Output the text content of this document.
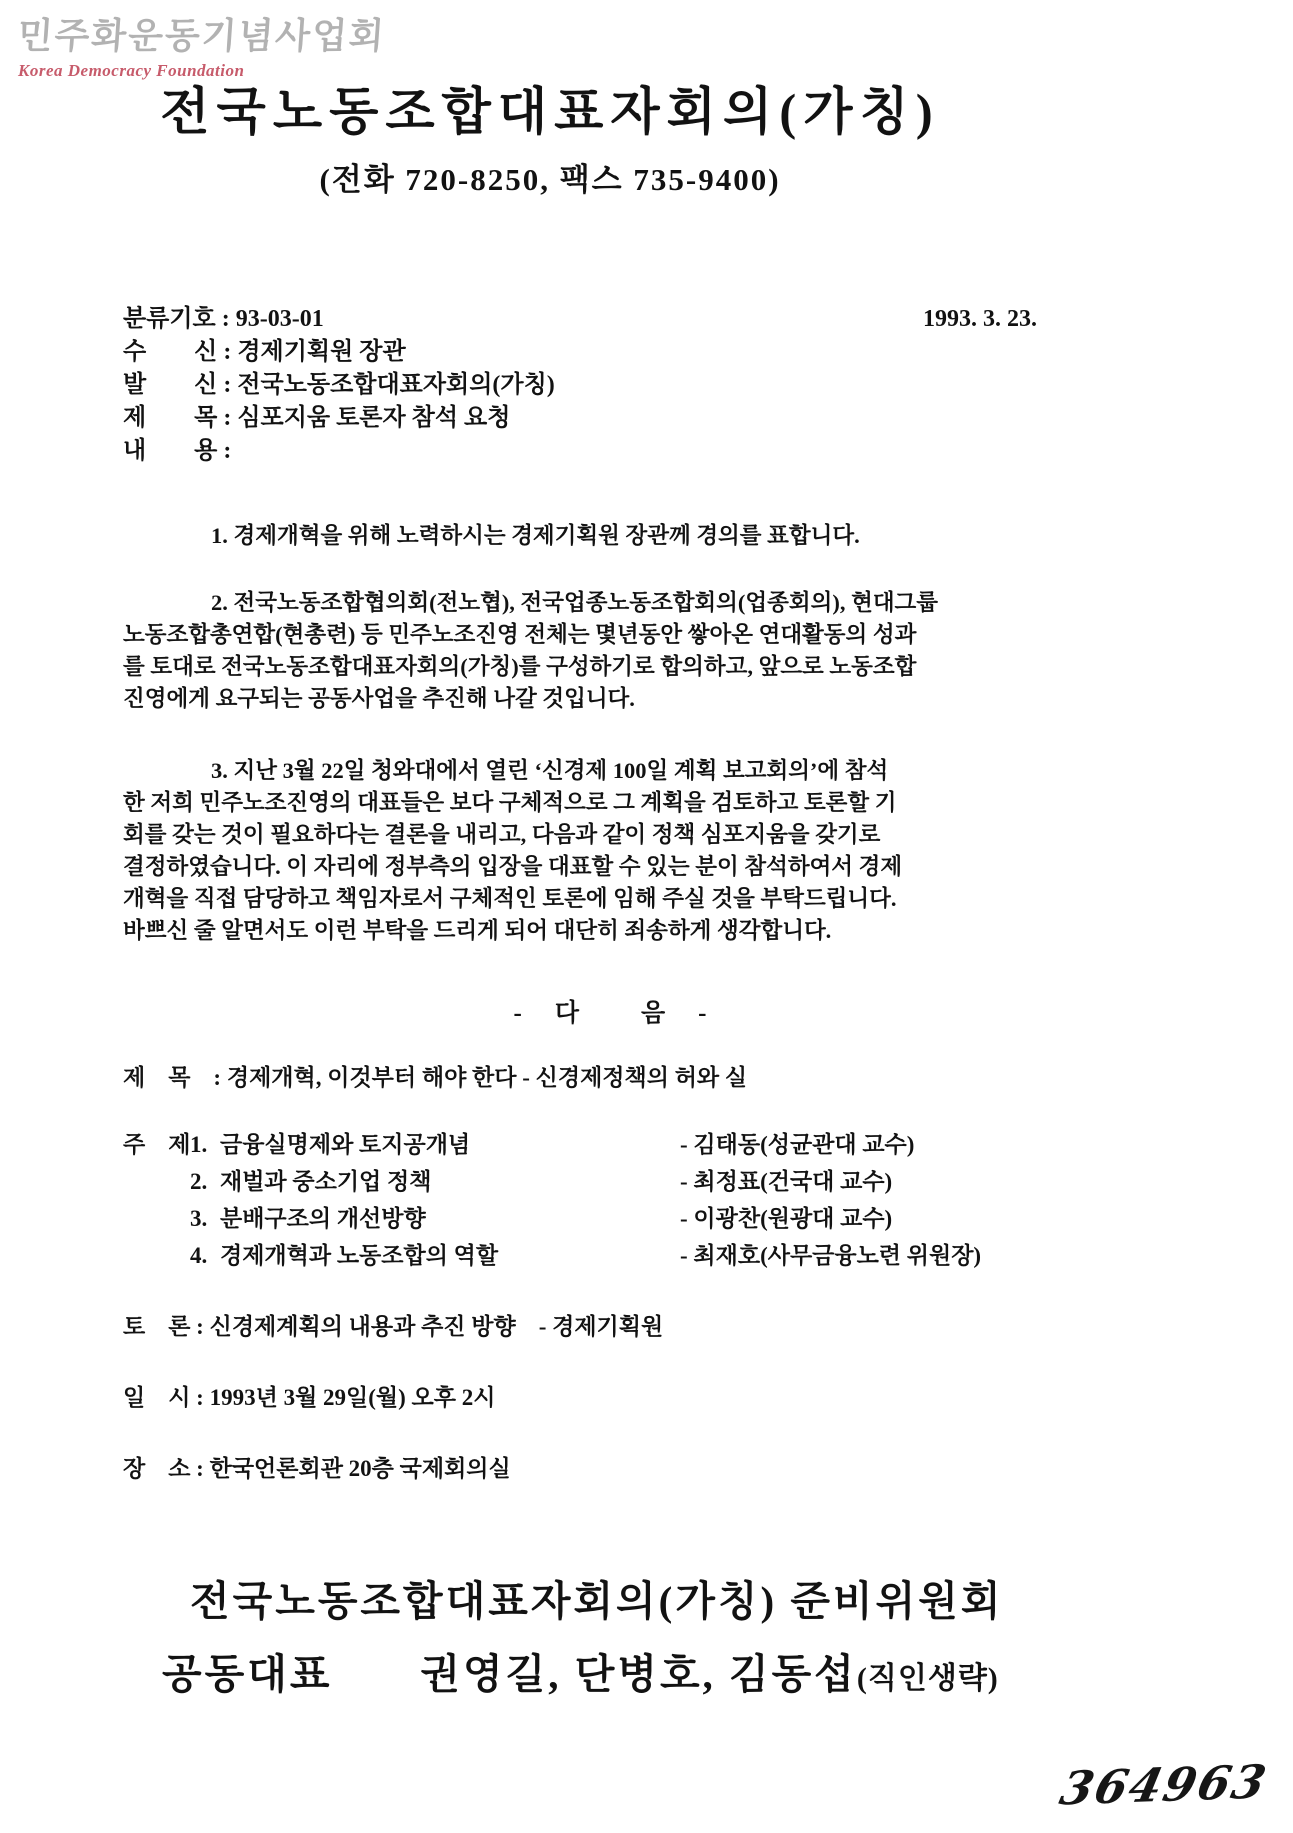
민주화운동기념사업회
Korea Democracy Foundation
전국노동조합대표자회의(가칭)
(전화 720-8250, 팩스 735-9400)
분류기호 : 93-03-01	1993. 3. 23.
수　　신 : 경제기획원 장관
발　　신 : 전국노동조합대표자회의(가칭)
제　　목 : 심포지움 토론자 참석 요청
내　　용 :
1. 경제개혁을 위해 노력하시는 경제기획원 장관께 경의를 표합니다.
2. 전국노동조합협의회(전노협), 전국업종노동조합회의(업종회의), 현대그룹
노동조합총연합(현총련) 등 민주노조진영 전체는 몇년동안 쌓아온 연대활동의 성과
를 토대로 전국노동조합대표자회의(가칭)를 구성하기로 합의하고, 앞으로 노동조합
진영에게 요구되는 공동사업을 추진해 나갈 것입니다.
3. 지난 3월 22일 청와대에서 열린 ‘신경제 100일 계획 보고회의’에 참석
한 저희 민주노조진영의 대표들은 보다 구체적으로 그 계획을 검토하고 토론할 기
회를 갖는 것이 필요하다는 결론을 내리고, 다음과 같이 정책 심포지움을 갖기로
결정하였습니다. 이 자리에 정부측의 입장을 대표할 수 있는 분이 참석하여서 경제
개혁을 직접 담당하고 책임자로서 구체적인 토론에 임해 주실 것을 부탁드립니다.
바쁘신 줄 알면서도 이런 부탁을 드리게 되어 대단히 죄송하게 생각합니다.
-　다　　음　-
제　목　: 경제개혁, 이것부터 해야 한다 - 신경제정책의 허와 실
주　제 1. 금융실명제와 토지공개념	- 김태동(성균관대 교수)
2. 재벌과 중소기업 정책	- 최정표(건국대 교수)
3. 분배구조의 개선방향	- 이광찬(원광대 교수)
4. 경제개혁과 노동조합의 역할	- 최재호(사무금융노련 위원장)
토　론 : 신경제계획의 내용과 추진 방향　- 경제기획원
일　시 : 1993년 3월 29일(월) 오후 2시
장　소 : 한국언론회관 20층 국제회의실
전국노동조합대표자회의(가칭) 준비위원회
공동대표　　권영길, 단병호, 김동섭(직인생략)
364963
